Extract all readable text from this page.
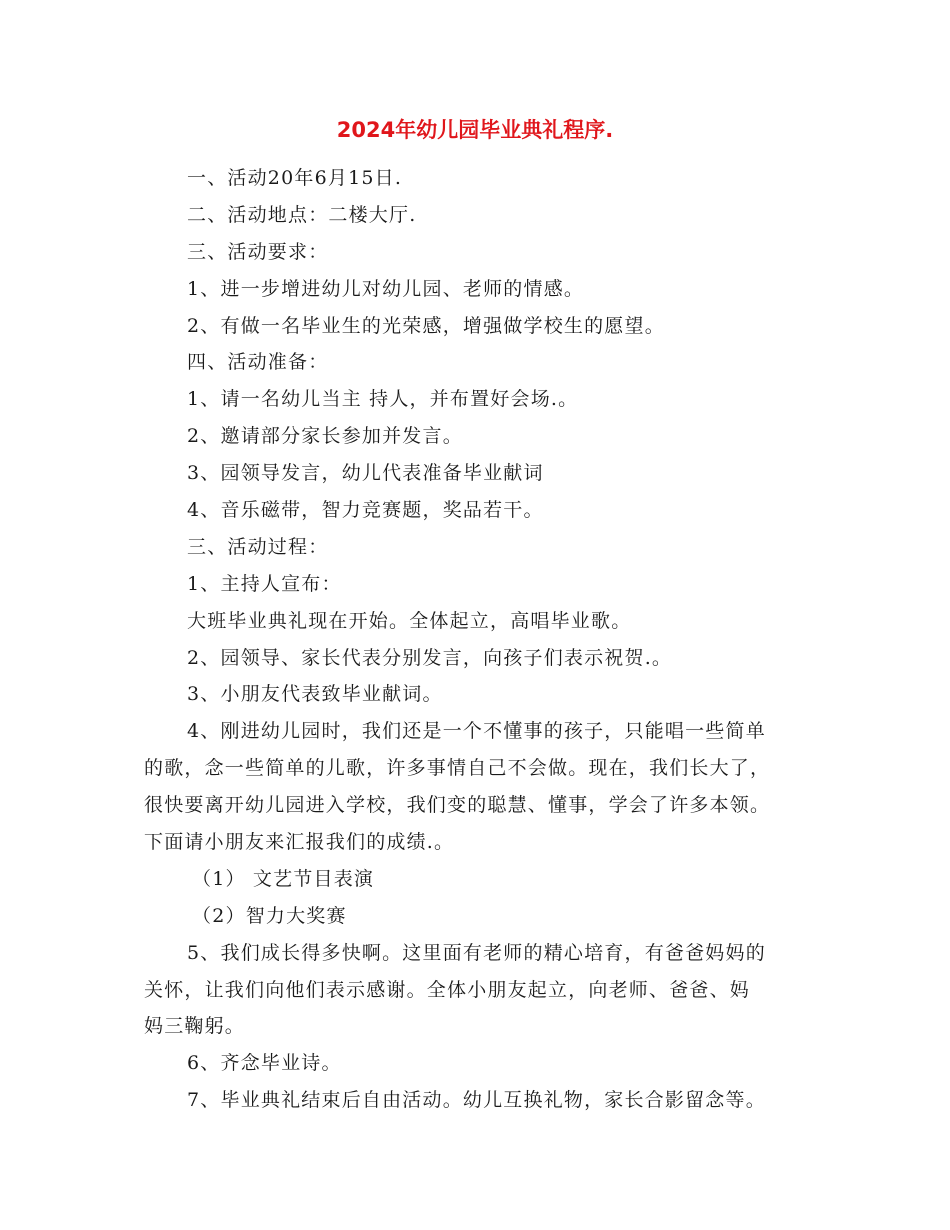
2024年幼儿园毕业典礼程序.
一、活动20年6月15日.
二、活动地点：二楼大厅.
三、活动要求：
1、进一步增进幼儿对幼儿园、老师的情感。
2、有做一名毕业生的光荣感，增强做学校生的愿望。
四、活动准备：
1、请一名幼儿当主 持人，并布置好会场.。
2、邀请部分家长参加并发言。
3、园领导发言，幼儿代表准备毕业献词
4、音乐磁带，智力竞赛题，奖品若干。
三、活动过程：
1、主持人宣布：
大班毕业典礼现在开始。全体起立，高唱毕业歌。
2、园领导、家长代表分别发言，向孩子们表示祝贺.。
3、小朋友代表致毕业献词。
4、刚进幼儿园时，我们还是一个不懂事的孩子，只能唱一些简单
的歌，念一些简单的儿歌，许多事情自己不会做。现在，我们长大了，
很快要离开幼儿园进入学校，我们变的聪慧、懂事，学会了许多本领。
下面请小朋友来汇报我们的成绩.。
（1） 文艺节目表演
（2）智力大奖赛
5、我们成长得多快啊。这里面有老师的精心培育，有爸爸妈妈的
关怀，让我们向他们表示感谢。全体小朋友起立，向老师、爸爸、妈
妈三鞠躬。
6、齐念毕业诗。
7、毕业典礼结束后自由活动。幼儿互换礼物，家长合影留念等。
